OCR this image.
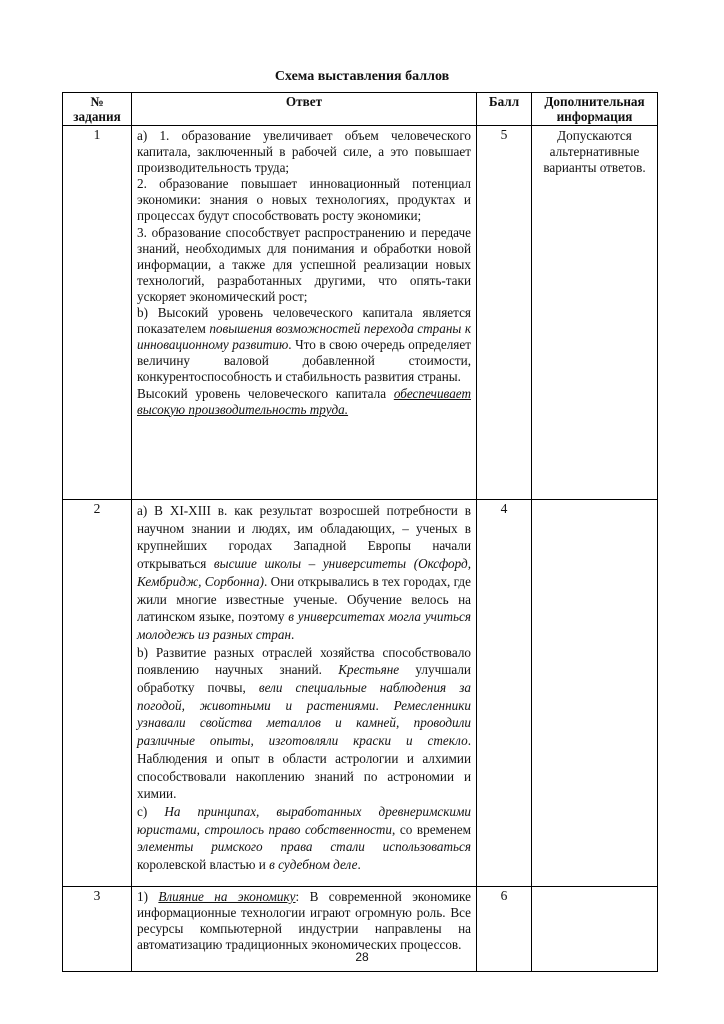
Схема выставления баллов
№ задания	Ответ	Балл	Дополнительная информация
1	а) 1. образование увеличивает объем человеческого капитала, заключенный в рабочей силе, а это повышает производительность труда;

2. образование повышает инновационный потенциал экономики: знания о новых технологиях, продуктах и процессах будут способствовать росту экономики;

3. образование способствует распространению и передаче знаний, необходимых для понимания и обработки новой информации, а также для успешной реализации новых технологий, разработанных другими, что опять-таки ускоряет экономический рост;

b) Высокий уровень человеческого капитала является показателем повышения возможностей перехода страны к инновационному развитию. Что в свою очередь определяет величину валовой добавленной стоимости, конкурентоспособность и стабильность развития страны.

Высокий уровень человеческого капитала обеспечивает высокую производительность труда.	5	Допускаются альтернативные варианты ответов.
2	а) В XI-XIII в. как результат возросшей потребности в научном знании и людях, им обладающих, – ученых в крупнейших городах Западной Европы начали открываться высшие школы – университеты (Оксфорд, Кембридж, Сорбонна). Они открывались в тех городах, где жили многие известные ученые. Обучение велось на латинском языке, поэтому в университетах могла учиться молодежь из разных стран.

b) Развитие разных отраслей хозяйства способствовало появлению научных знаний. Крестьяне улучшали обработку почвы, вели специальные наблюдения за погодой, животными и растениями. Ремесленники узнавали свойства металлов и камней, проводили различные опыты, изготовляли краски и стекло. Наблюдения и опыт в области астрологии и алхимии способствовали накоплению знаний по астрономии и химии.

c) На принципах, выработанных древнеримскими юристами, строилось право собственности, со временем элементы римского права стали использоваться королевской властью и в судебном деле.	4	
3	1) Влияние на экономику: В современной экономике информационные технологии играют огромную роль. Все ресурсы компьютерной индустрии направлены на автоматизацию традиционных экономических процессов.	6	
28
